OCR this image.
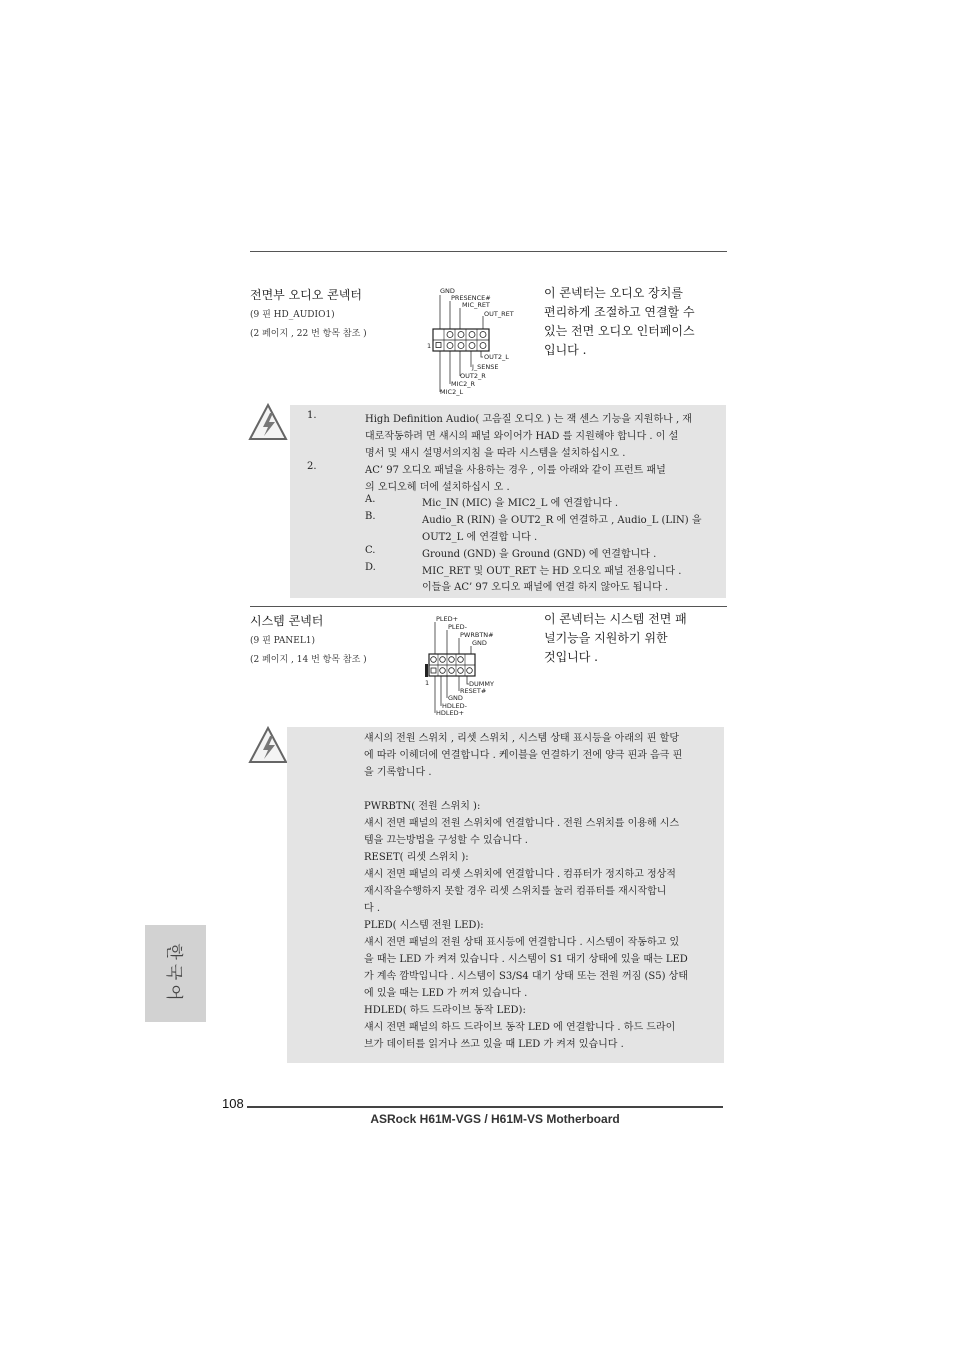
전면부 오디오 콘넥터
(9 핀 HD_AUDIO1)
(2 페이지 , 22 번 항목 참조 )
1
GND
PRESENCE#
MIC_RET
OUT_RET
OUT2_L
J_SENSE
OUT2_R
MIC2_R
MIC2_L
이 콘넥터는 오디오 장치를
편리하게 조절하고 연결할 수
있는 전면 오디오 인터페이스
입니다 .
1.	High Definition Audio( 고음질 오디오 ) 는 잭 센스 기능을 지원하나 , 재
대로작동하려 면 섀시의 패널 와이어가 HAD 를 지원해야 합니다 . 이 설
명서 및 섀시 설명서의지침 을 따라 시스템을 설치하십시오 .
2.	AC’ 97 오디오 패널을 사용하는 경우 , 이를 아래와 같이 프런트 패널
의 오디오헤 더에 설치하십시 오 .
A.	Mic_IN (MIC) 을 MIC2_L 에 연결합니다 .
B.	Audio_R (RIN) 을 OUT2_R 에 연결하고 , Audio_L (LIN) 을
OUT2_L 에 연결합 니다 .
C.	Ground (GND) 을 Ground (GND) 에 연결합니다 .
D.	MIC_RET 및 OUT_RET 는 HD 오디오 패널 전용입니다 .
이들을 AC’ 97 오디오 패널에 연결 하지 않아도 됩니다 .
시스템 콘넥터
(9 핀 PANEL1)
(2 페이지 , 14 번 항목 참조 )
1
PLED+
PLED-
PWRBTN#
GND
DUMMY
RESET#
GND
HDLED-
HDLED+
이 콘넥터는 시스템 전면 패
널기능을 지원하기 위한
것입니다 .
섀시의 전원 스위치 , 리셋 스위치 , 시스템 상태 표시등을 아래의 핀 할당
에 따라 이헤더에 연결합니다 . 케이블을 연결하기 전에 양극 핀과 음극 핀
을 기록합니다 .

PWRBTN( 전원 스위치 ):
섀시 전면 패널의 전원 스위치에 연결합니다 . 전원 스위치를 이용해 시스
템을 끄는방법을 구성할 수 있습니다 .
RESET( 리셋 스위치 ):
섀시 전면 패널의 리셋 스위치에 연결합니다 . 컴퓨터가 정지하고 정상적
재시작을수행하지 못할 경우 리셋 스위치를 눌러 컴퓨터를 재시작합니
다 .
PLED( 시스템 전원 LED):
섀시 전면 패널의 전원 상태 표시등에 연결합니다 . 시스템이 작동하고 있
을 때는 LED 가 켜져 있습니다 . 시스템이 S1 대기 상태에 있을 때는 LED
가 계속 깜박입니다 . 시스템이 S3/S4 대기 상태 또는 전원 꺼짐 (S5) 상태
에 있을 때는 LED 가 꺼져 있습니다 .
HDLED( 하드 드라이브 동작 LED):
섀시 전면 패널의 하드 드라이브 동작 LED 에 연결합니다 . 하드 드라이
브가 데이터를 읽거나 쓰고 있을 때 LED 가 켜져 있습니다 .
한국어
108
ASRock H61M-VGS / H61M-VS Motherboard
